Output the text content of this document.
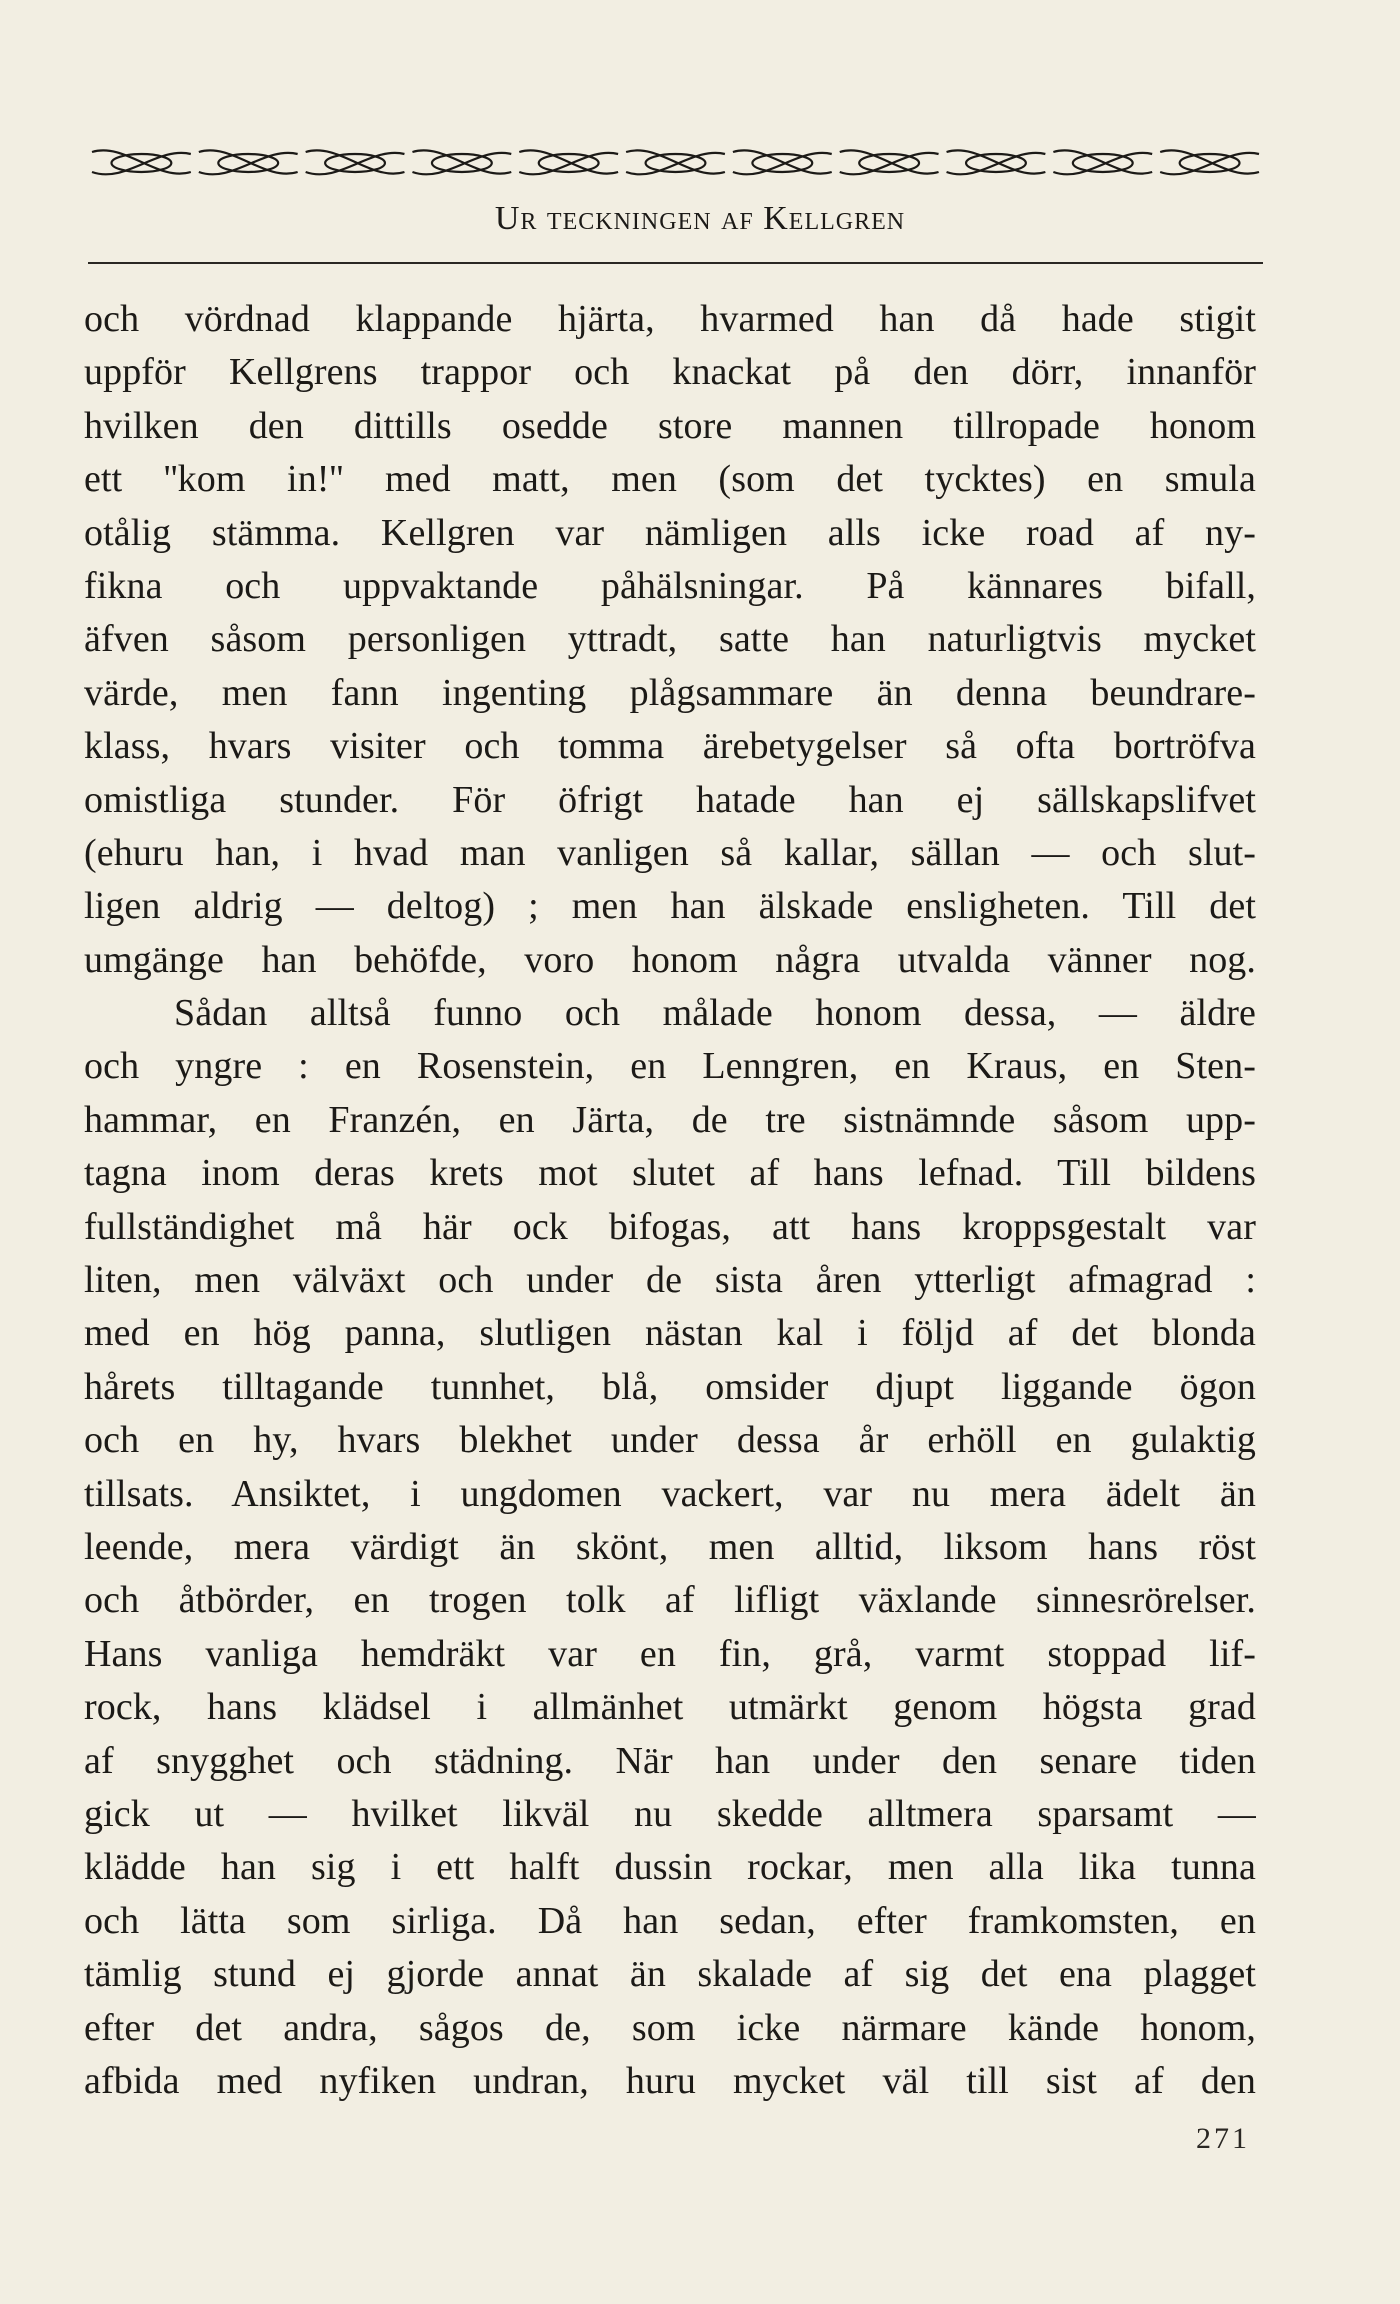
Ur teckningen af Kellgren
och vördnad klappande hjärta, hvarmed han då hade stigit
uppför Kellgrens trappor och knackat på den dörr, innanför
hvilken den dittills osedde store mannen tillropade honom
ett ''kom in!'' med matt, men (som det tycktes) en smula
otålig stämma. Kellgren var nämligen alls icke road af ny-
fikna och uppvaktande påhälsningar. På kännares bifall,
äfven såsom personligen yttradt, satte han naturligtvis mycket
värde, men fann ingenting plågsammare än denna beundrare-
klass, hvars visiter och tomma ärebetygelser så ofta bortröfva
omistliga stunder. För öfrigt hatade han ej sällskapslifvet
(ehuru han, i hvad man vanligen så kallar, sällan — och slut-
ligen aldrig — deltog) ; men han älskade ensligheten. Till det
umgänge han behöfde, voro honom några utvalda vänner nog.
Sådan alltså funno och målade honom dessa, — äldre
och yngre : en Rosenstein, en Lenngren, en Kraus, en Sten-
hammar, en Franzén, en Järta, de tre sistnämnde såsom upp-
tagna inom deras krets mot slutet af hans lefnad. Till bildens
fullständighet må här ock bifogas, att hans kroppsgestalt var
liten, men välväxt och under de sista åren ytterligt afmagrad :
med en hög panna, slutligen nästan kal i följd af det blonda
hårets tilltagande tunnhet, blå, omsider djupt liggande ögon
och en hy, hvars blekhet under dessa år erhöll en gulaktig
tillsats. Ansiktet, i ungdomen vackert, var nu mera ädelt än
leende, mera värdigt än skönt, men alltid, liksom hans röst
och åtbörder, en trogen tolk af lifligt växlande sinnesrörelser.
Hans vanliga hemdräkt var en fin, grå, varmt stoppad lif-
rock, hans klädsel i allmänhet utmärkt genom högsta grad
af snygghet och städning. När han under den senare tiden
gick ut — hvilket likväl nu skedde alltmera sparsamt —
klädde han sig i ett halft dussin rockar, men alla lika tunna
och lätta som sirliga. Då han sedan, efter framkomsten, en
tämlig stund ej gjorde annat än skalade af sig det ena plagget
efter det andra, sågos de, som icke närmare kände honom,
afbida med nyfiken undran, huru mycket väl till sist af den
271
